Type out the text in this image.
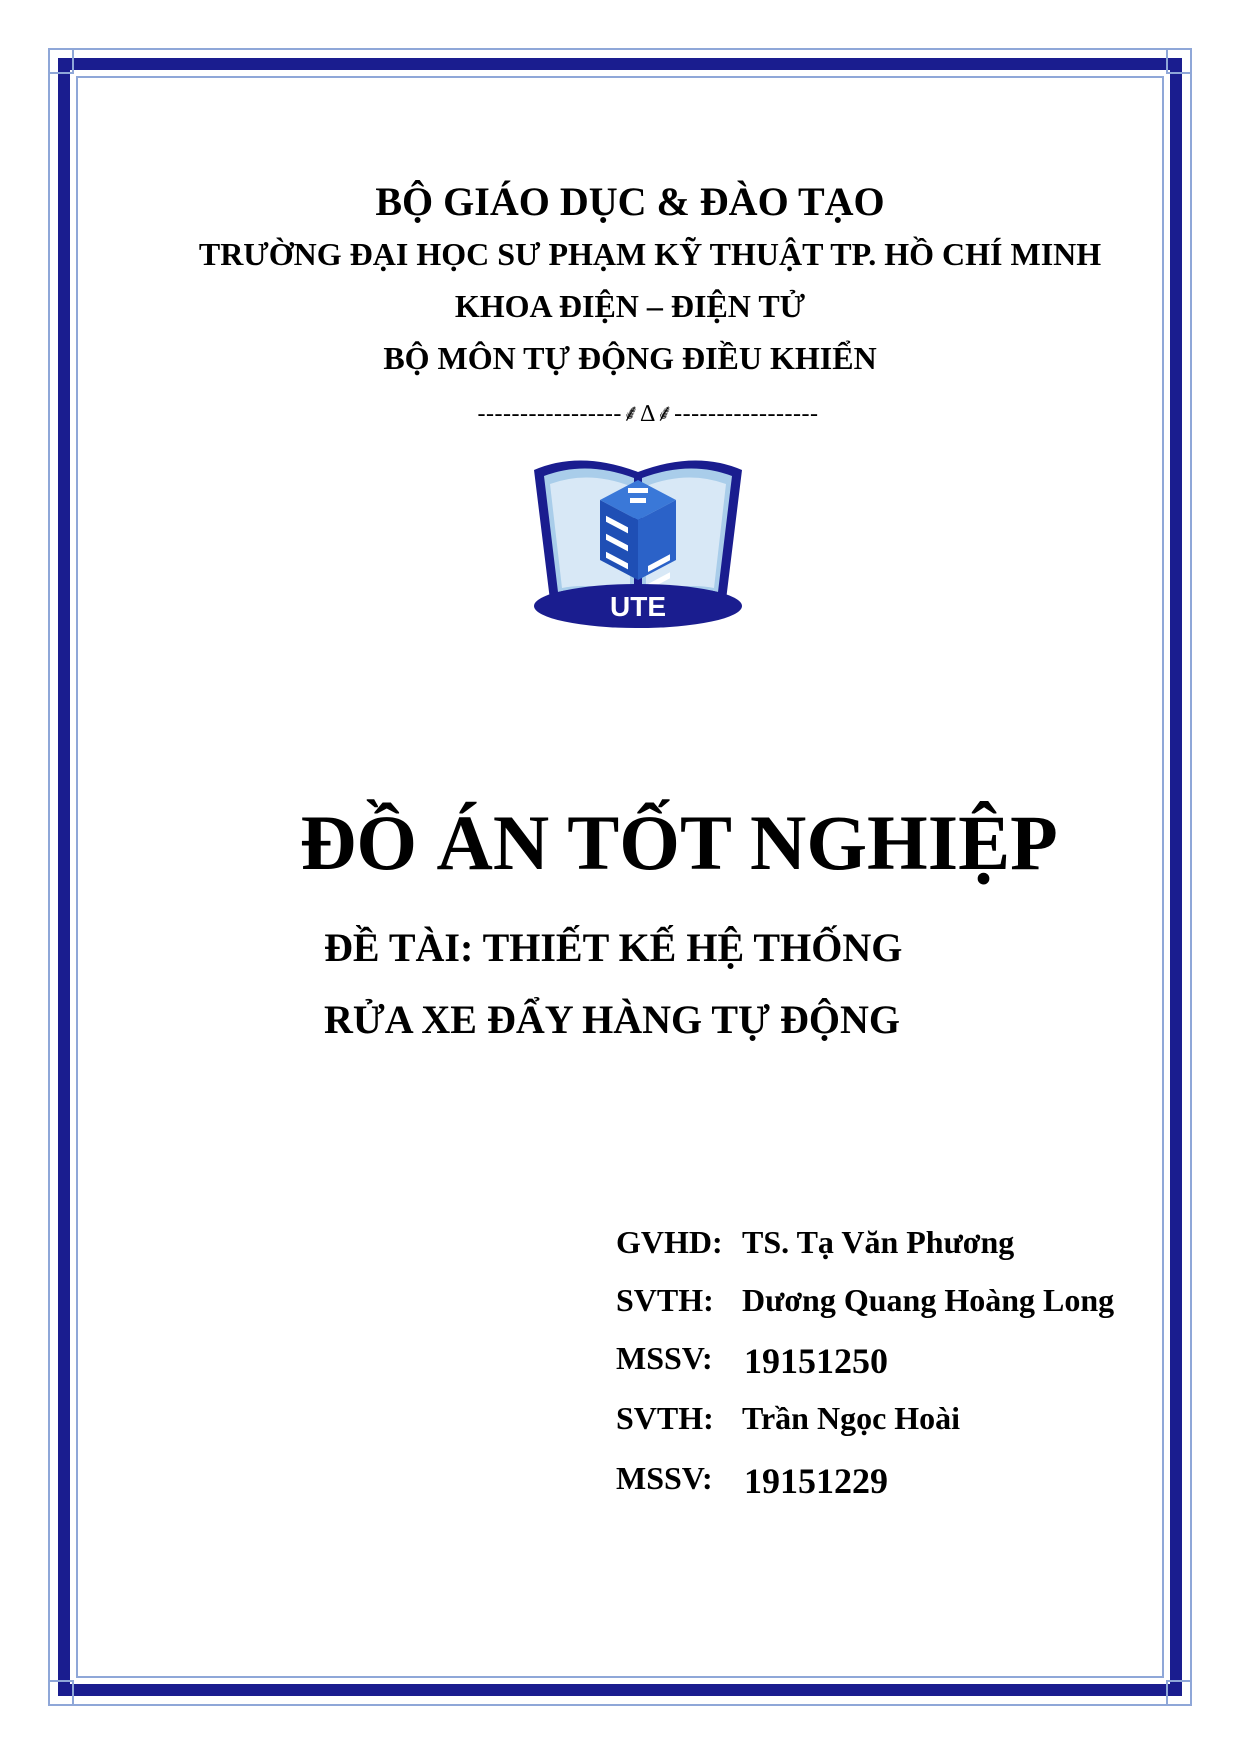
BỘ GIÁO DỤC & ĐÀO TẠO
TRƯỜNG ĐẠI HỌC SƯ PHẠM KỸ THUẬT TP. HỒ CHÍ MINH
KHOA ĐIỆN – ĐIỆN TỬ
BỘ MÔN TỰ ĐỘNG ĐIỀU KHIỂN
-----------------⸙∆⸙-----------------
UTE
ĐỒ ÁN TỐT NGHIỆP
ĐỀ TÀI: THIẾT KẾ HỆ THỐNG
RỬA XE ĐẨY HÀNG TỰ ĐỘNG
GVHD: TS. Tạ Văn Phương
SVTH: Dương Quang Hoàng Long
MSSV: 19151250
SVTH: Trần Ngọc Hoài
MSSV: 19151229
